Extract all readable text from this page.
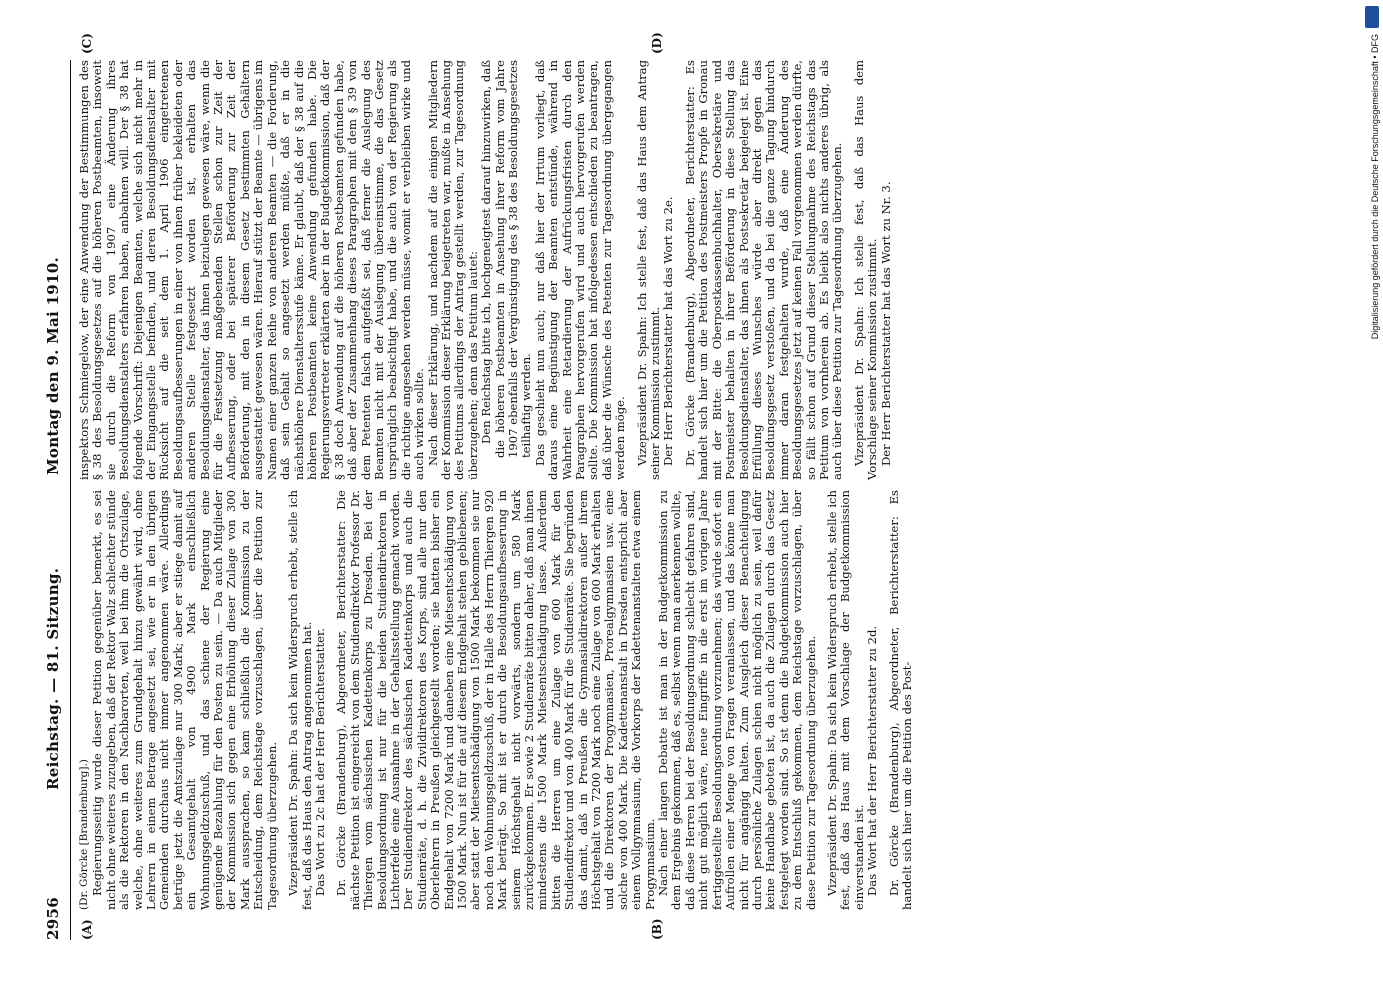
2956
Reichstag. — 81. Sitzung.
Montag den 9. Mai 1910.
(A)	(B)
(C)	(D)

(Dr. Görcke [Brandenburg].) Regierungsseitig wurde dieser Petition gegenüber bemerkt, es sei nicht ohne weiteres zuzugeben, daß der Rektor Walz schlechter stünde als die Rektoren in den Nachbarorten, weil bei ihm die Ortszulage, welche, ohne weiteres zum Grundgehalt hinzu gewährt wird, ohne Lehrern in einem Betrage angesetzt sei, wie er in den übrigen Gemeinden durchaus nicht immer angenommen wäre. Allerdings betrüge jetzt die Amtszulage nur 300 Mark; aber er stiege damit auf ein Gesamtgehalt von 4900 Mark einschließlich Wohnungsgeldzuschuß, und das schiene der Regierung eine genügende Bezahlung für den Posten zu sein. — Da auch Mitglieder der Kommission sich gegen eine Erhöhung dieser Zulage von 300 Mark aussprachen, so kam schließlich die Kommission zu der Entscheidung, dem Reichstage vorzuschlagen, über die Petition zur Tagesordnung überzugehen. Vizepräsident Dr. Spahn: Da sich kein Widerspruch erhebt, stelle ich fest, daß das Haus den Antrag angenommen hat. Das Wort zu 2c hat der Herr Berichterstatter. Dr. Görcke (Brandenburg), Abgeordneter, Berichterstatter: Die nächste Petition ist eingereicht von dem Studiendirektor Professor Dr. Thiergen vom sächsischen Kadettenkorps zu Dresden. Bei der Besoldungsordnung ist nur für die beiden Studiendirektoren in Lichterfelde eine Ausnahme in der Gehaltsstellung gemacht worden. Der Studiendirektor des sächsischen Kadettenkorps und auch die Studienräte, d. h. die Zivildirektoren des Korps, sind alle nur den Oberlehrern in Preußen gleichgestellt worden; sie hatten bisher ein Endgehalt von 7200 Mark und daneben eine Mietsentschädigung von 1500 Mark. Nun ist für die auf diesem Endgehalt stehen gebliebenen; aber statt der Mietsentschädigung von 1500 Mark bekommen sie nur noch den Wohnungsgeldzuschuß, der in Halle des Herrn Thiergen 920 Mark beträgt. So mit ist er durch die Besoldungsaufbesserung in seinem Höchstgehalt nicht vorwärts, sondern um 580 Mark zurückgekommen. Er sowie 2 Studienräte bitten daher, daß man ihnen mindestens die 1500 Mark Mietsentschädigung lasse. Außerdem bitten die Herren um eine Zulage von 600 Mark für den Studiendirektor und von 400 Mark für die Studienräte. Sie begründen das damit, daß in Preußen die Gymnasialdirektoren außer ihrem Höchstgehalt von 7200 Mark noch eine Zulage von 600 Mark erhalten und die Direktoren der Progymnasien, Prorealgymnasien usw. eine solche von 400 Mark. Die Kadettenanstalt in Dresden entspricht aber einem Vollgymnasium, die Vorkorps der Kadettenanstalten etwa einem Progymnasium. Nach einer langen Debatte ist man in der Budgetkommission zu dem Ergebnis gekommen, daß es, selbst wenn man anerkennen wollte, daß diese Herren bei der Besoldungsordnung schlecht gefahren sind, nicht gut möglich wäre, neue Eingriffe in die erst im vorigen Jahre fertiggestellte Besoldungsordnung vorzunehmen; das würde sofort ein Aufrollen einer Menge von Fragen veranlassen, und das könne man nicht für angängig halten. Zum Ausgleich dieser Benachteiligung durch persönliche Zulagen schien nicht möglich zu sein, weil dafür keine Handhabe geboten ist, da auch die Zulagen durch das Gesetz festgelegt worden sind. So ist denn die Budgetkommission auch hier zu dem Entschluß gekommen, dem Reichstage vorzuschlagen, über diese Petition zur Tagesordnung überzugehen. Vizepräsident Dr. Spahn: Da sich kein Widerspruch erhebt, stelle ich fest, daß das Haus mit dem Vorschlage der Budgetkommission einverstanden ist. Das Wort hat der Herr Berichterstatter zu 2d. Dr. Görcke (Brandenburg), Abgeordneter, Berichterstatter: Es handelt sich hier um die Petition des Post-

inspektors Schmiegelow, der eine Anwendung der Bestimmungen des § 38 des Besoldungsgesetzes auf die höheren Postbeamten, insoweit sie durch die Reform von 1907 eine Änderung ihres Besoldungsdienstalters erfahren haben, anbahnen will. Der § 38 hat folgende Vorschrift: Diejenigen Beamten, welche sich nicht mehr in der Eingangsstelle befinden, und deren Besoldungsdienstalter mit Rücksicht auf die seit dem 1. April 1906 eingetretenen Besoldungsaufbesserungen in einer von ihnen früher bekleideten oder anderen Stelle festgesetzt worden ist, erhalten das Besoldungsdienstalter, das ihnen beizulegen gewesen wäre, wenn die für die Festsetzung maßgebenden Stellen schon zur Zeit der Aufbesserung, oder bei späterer Beförderung zur Zeit der Beförderung, mit den in diesem Gesetz bestimmten Gehältern ausgestattet gewesen wären. Hierauf stützt der Beamte — übrigens im Namen einer ganzen Reihe von anderen Beamten — die Forderung, daß sein Gehalt so angesetzt werden müßte, daß er in die nächsthöhere Dienstaltersstufe käme. Er glaubt, daß der § 38 auf die höheren Postbeamten keine Anwendung gefunden habe. Die Regierungsvertreter erklärten aber in der Budgetkommission, daß der § 38 doch Anwendung auf die höheren Postbeamten gefunden habe, daß aber der Zusammenhang dieses Paragraphen mit dem § 39 von dem Petenten falsch aufgefaßt sei, daß ferner die Auslegung des Beamten nicht mit der Auslegung übereinstimme, die das Gesetz ursprünglich beabsichtigt habe, und die auch von der Regierung als die richtige angesehen werden müsse, womit er verbleiben wirke und auch wirken sollte. Nach dieser Erklärung, und nachdem auf die einigen Mitgliedern der Kommission dieser Erklärung beigetreten war, mußte in Ansehung des Petitums allerdings der Antrag gestellt werden, zur Tagesordnung überzugehen; denn das Petitum lautet: Den Reichstag bitte ich, hochgeneigtest darauf hinzuwirken, daß die höheren Postbeamten in Ansehung ihrer Reform vom Jahre 1907 ebenfalls der Vergünstigung des § 38 des Besoldungsgesetzes teilhaftig werden. Das geschieht nun auch; nur daß hier der Irrtum vorliegt, daß daraus eine Begünstigung der Beamten entstünde, während in Wahrheit eine Retardierung der Aufrückungsfristen durch den Paragraphen hervorgerufen wird und auch hervorgerufen werden sollte. Die Kommission hat infolgedessen entschieden zu beantragen, daß über die Wünsche des Petenten zur Tagesordnung übergegangen werden möge. Vizepräsident Dr. Spahn: Ich stelle fest, daß das Haus dem Antrag seiner Kommission zustimmt. Der Herr Berichterstatter hat das Wort zu 2e. Dr. Görcke (Brandenburg), Abgeordneter, Berichterstatter: Es handelt sich hier um die Petition des Postmeisters Propfe in Gronau mit der Bitte: die Oberpostkassenbuchhalter, Obersekretäre und Postmeister behalten in ihrer Beförderung in diese Stellung das Besoldungsdienstalter, das ihnen als Postsekretär beigelegt ist. Eine Erfüllung dieses Wunsches würde aber direkt gegen das Besoldungsgesetz verstoßen, und da bei die ganze Tagung hindurch immer daran festgehalten wurde, daß eine Änderung des Besoldungsgesetzes jetzt auf keinen Fall vorgenommen werden dürfte, so fällt schon auf Grund dieser Stellungnahme des Reichstags das Petitum von vornherein ab. Es bleibt also nichts anderes übrig, als auch über diese Petition zur Tagesordnung überzugehen. Vizepräsident Dr. Spahn: Ich stelle fest, daß das Haus dem Vorschlage seiner Kommission zustimmt. Der Herr Berichterstatter hat das Wort zu Nr. 3.	Digitalisierung gefördert durch die Deutsche Forschungsgemeinschaft • DFG
